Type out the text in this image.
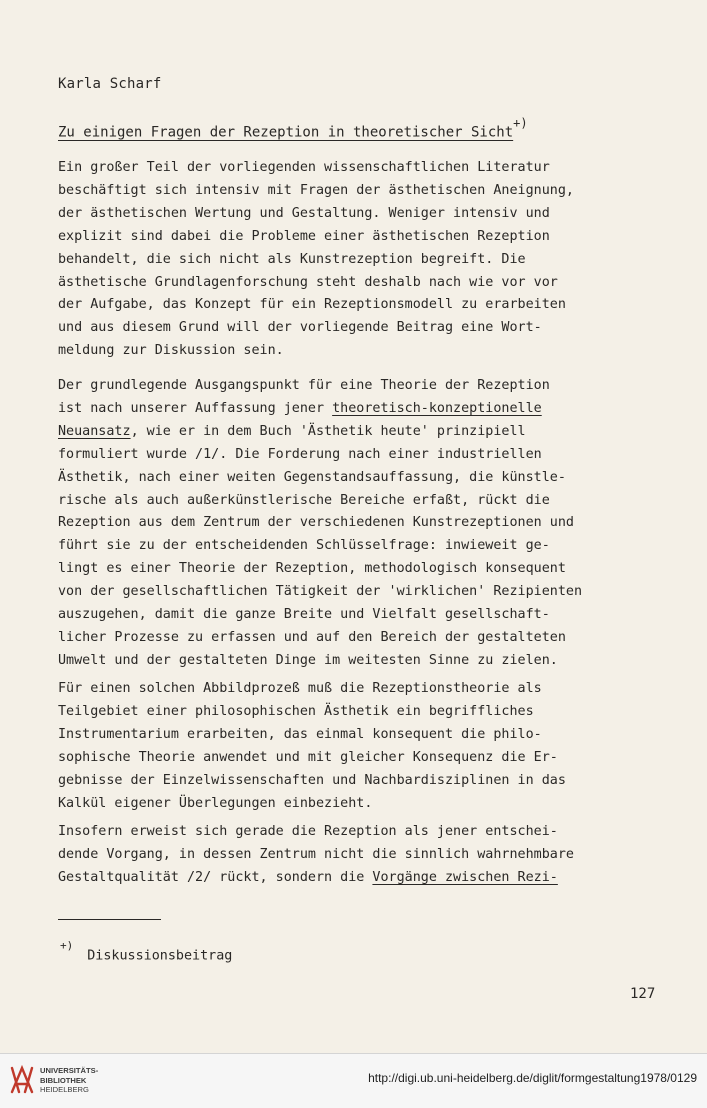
Karla Scharf
Zu einigen Fragen der Rezeption in theoretischer Sicht+)
Ein großer Teil der vorliegenden wissenschaftlichen Literatur
beschäftigt sich intensiv mit Fragen der ästhetischen Aneignung,
der ästhetischen Wertung und Gestaltung. Weniger intensiv und
explizit sind dabei die Probleme einer ästhetischen Rezeption
behandelt, die sich nicht als Kunstrezeption begreift. Die
ästhetische Grundlagenforschung steht deshalb nach wie vor vor
der Aufgabe, das Konzept für ein Rezeptionsmodell zu erarbeiten
und aus diesem Grund will der vorliegende Beitrag eine Wort-
meldung zur Diskussion sein.
Der grundlegende Ausgangspunkt für eine Theorie der Rezeption
ist nach unserer Auffassung jener theoretisch-konzeptionelle
Neuansatz, wie er in dem Buch 'Ästhetik heute' prinzipiell
formuliert wurde /1/. Die Forderung nach einer industriellen
Ästhetik, nach einer weiten Gegenstandsauffassung, die künstle-
rische als auch außerkünstlerische Bereiche erfaßt, rückt die
Rezeption aus dem Zentrum der verschiedenen Kunstrezeptionen und
führt sie zu der entscheidenden Schlüsselfrage: inwieweit ge-
lingt es einer Theorie der Rezeption, methodologisch konsequent
von der gesellschaftlichen Tätigkeit der 'wirklichen' Rezipienten
auszugehen, damit die ganze Breite und Vielfalt gesellschaft-
licher Prozesse zu erfassen und auf den Bereich der gestalteten
Umwelt und der gestalteten Dinge im weitesten Sinne zu zielen.
Für einen solchen Abbildprozeß muß die Rezeptionstheorie als
Teilgebiet einer philosophischen Ästhetik ein begriffliches
Instrumentarium erarbeiten, das einmal konsequent die philo-
sophische Theorie anwendet und mit gleicher Konsequenz die Er-
gebnisse der Einzelwissenschaften und Nachbardisziplinen in das
Kalkül eigener Überlegungen einbezieht.
Insofern erweist sich gerade die Rezeption als jener entschei-
dende Vorgang, in dessen Zentrum nicht die sinnlich wahrnehmbare
Gestaltqualität /2/ rückt, sondern die Vorgänge zwischen Rezi-
+)Diskussionsbeitrag
127
UNIVERSITÄTS-
BIBLIOTHEK
HEIDELBERG
http://digi.ub.uni-heidelberg.de/diglit/formgestaltung1978/0129
